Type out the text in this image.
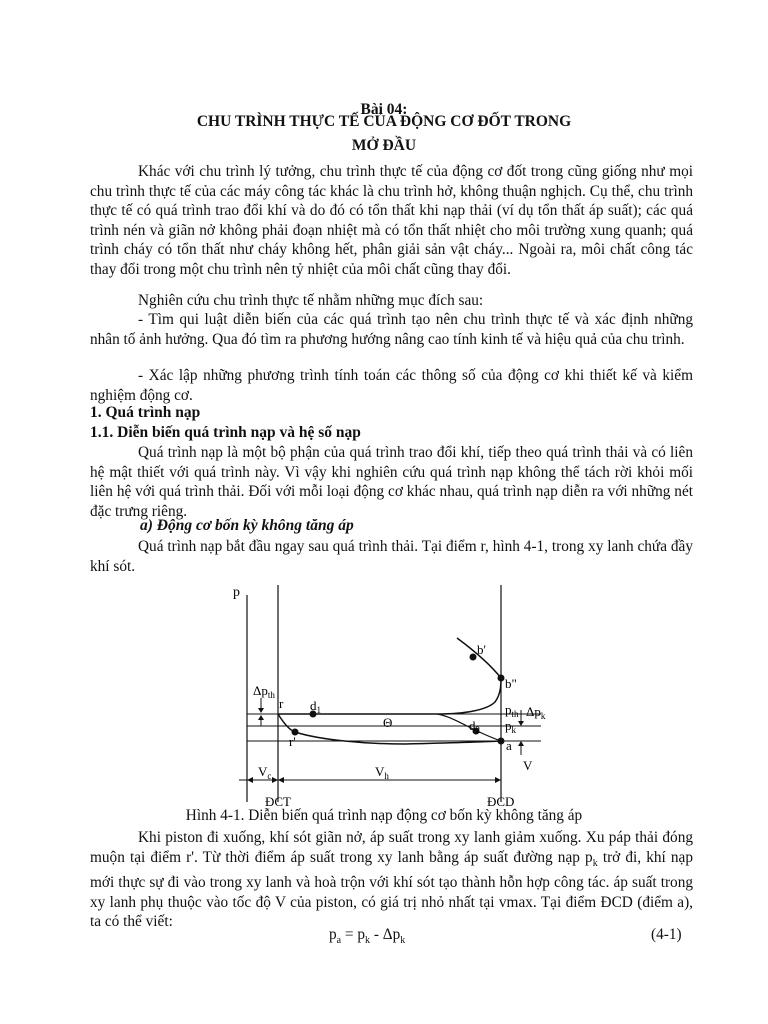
Bài 04:
CHU TRÌNH THỰC TẾ CỦA ĐỘNG CƠ ĐỐT TRONG
MỞ ĐẦU
Khác với chu trình lý tưởng, chu trình thực tế của động cơ đốt trong cũng giống như mọi chu trình thực tế của các máy công tác khác là chu trình hở, không thuận nghịch. Cụ thể, chu trình thực tế có quá trình trao đổi khí và do đó có tổn thất khi nạp thải (ví dụ tổn thất áp suất); các quá trình nén và giãn nở không phải đoạn nhiệt mà có tổn thất nhiệt cho môi trường xung quanh; quá trình cháy có tổn thất như cháy không hết, phân giải sản vật cháy... Ngoài ra, môi chất công tác thay đổi trong một chu trình nên tỷ nhiệt của môi chất cũng thay đổi.
Nghiên cứu chu trình thực tế nhằm những mục đích sau:
- Tìm qui luật diễn biến của các quá trình tạo nên chu trình thực tế và xác định những nhân tố ảnh hưởng. Qua đó tìm ra phương hướng nâng cao tính kinh tế và hiệu quả của chu trình.
- Xác lập những phương trình tính toán các thông số của động cơ khi thiết kế và kiểm nghiệm động cơ.
1. Quá trình nạp
1.1. Diễn biến quá trình nạp và hệ số nạp
Quá trình nạp là một bộ phận của quá trình trao đổi khí, tiếp theo quá trình thải và có liên hệ mật thiết với quá trình này. Vì vậy khi nghiên cứu quá trình nạp không thể tách rời khỏi mối liên hệ với quá trình thải. Đối với mỗi loại động cơ khác nhau, quá trình nạp diễn ra với những nét đặc trưng riêng.
a) Động cơ bốn kỳ không tăng áp
Quá trình nạp bắt đầu ngay sau quá trình thải. Tại điểm r, hình 4-1, trong xy lanh chứa đầy khí sót.
p
$\Delta p_{th}$
r $d_1$
Θ	$d_2$
r'
b'
b"
$p_{th}$
$p_k$
$\Delta p_k$
a
V
$V_c$	$V_h$
ĐCT	ĐCD
Hình 4-1. Diễn biến quá trình nạp động cơ bốn kỳ không tăng áp
Khi piston đi xuống, khí sót giãn nở, áp suất trong xy lanh giảm xuống. Xu páp thải đóng muộn tại điểm r'. Từ thời điểm áp suất trong xy lanh bằng áp suất đường nạp $p_k$ trở đi, khí nạp mới thực sự đi vào trong xy lanh và hoà trộn với khí sót tạo thành hỗn hợp công tác. áp suất trong xy lanh phụ thuộc vào tốc độ V của piston, có giá trị nhỏ nhất tại vmax. Tại điểm ĐCD (điểm a), ta có thể viết:
$p_a = p_k - \Delta p_k$	(4-1)
